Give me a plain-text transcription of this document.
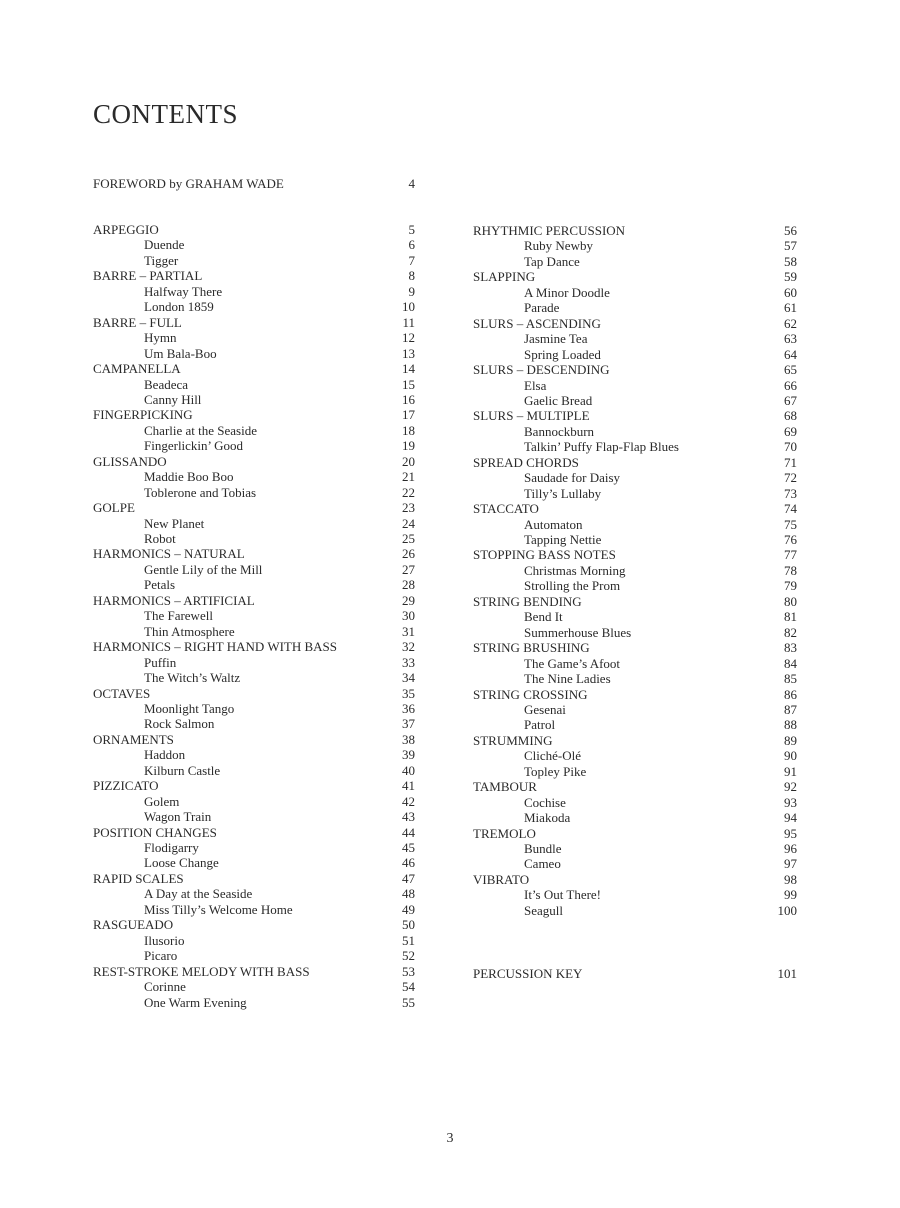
CONTENTS
FOREWORD by GRAHAM WADE	4
ARPEGGIO	5
Duende	6
Tigger	7
BARRE – PARTIAL	8
Halfway There	9
London 1859	10
BARRE – FULL	11
Hymn	12
Um Bala-Boo	13
CAMPANELLA	14
Beadeca	15
Canny Hill	16
FINGERPICKING	17
Charlie at the Seaside	18
Fingerlickin’ Good	19
GLISSANDO	20
Maddie Boo Boo	21
Toblerone and Tobias	22
GOLPE	23
New Planet	24
Robot	25
HARMONICS – NATURAL	26
Gentle Lily of the Mill	27
Petals	28
HARMONICS – ARTIFICIAL	29
The Farewell	30
Thin Atmosphere	31
HARMONICS – RIGHT HAND WITH BASS	32
Puffin	33
The Witch’s Waltz	34
OCTAVES	35
Moonlight Tango	36
Rock Salmon	37
ORNAMENTS	38
Haddon	39
Kilburn Castle	40
PIZZICATO	41
Golem	42
Wagon Train	43
POSITION CHANGES	44
Flodigarry	45
Loose Change	46
RAPID SCALES	47
A Day at the Seaside	48
Miss Tilly’s Welcome Home	49
RASGUEADO	50
Ilusorio	51
Picaro	52
REST-STROKE MELODY WITH BASS	53
Corinne	54
One Warm Evening	55
RHYTHMIC PERCUSSION	56
Ruby Newby	57
Tap Dance	58
SLAPPING	59
A Minor Doodle	60
Parade	61
SLURS – ASCENDING	62
Jasmine Tea	63
Spring Loaded	64
SLURS – DESCENDING	65
Elsa	66
Gaelic Bread	67
SLURS – MULTIPLE	68
Bannockburn	69
Talkin’ Puffy Flap-Flap Blues	70
SPREAD CHORDS	71
Saudade for Daisy	72
Tilly’s Lullaby	73
STACCATO	74
Automaton	75
Tapping Nettie	76
STOPPING BASS NOTES	77
Christmas Morning	78
Strolling the Prom	79
STRING BENDING	80
Bend It	81
Summerhouse Blues	82
STRING BRUSHING	83
The Game’s Afoot	84
The Nine Ladies	85
STRING CROSSING	86
Gesenai	87
Patrol	88
STRUMMING	89
Cliché-Olé	90
Topley Pike	91
TAMBOUR	92
Cochise	93
Miakoda	94
TREMOLO	95
Bundle	96
Cameo	97
VIBRATO	98
It’s Out There!	99
Seagull	100
PERCUSSION KEY	101
3
